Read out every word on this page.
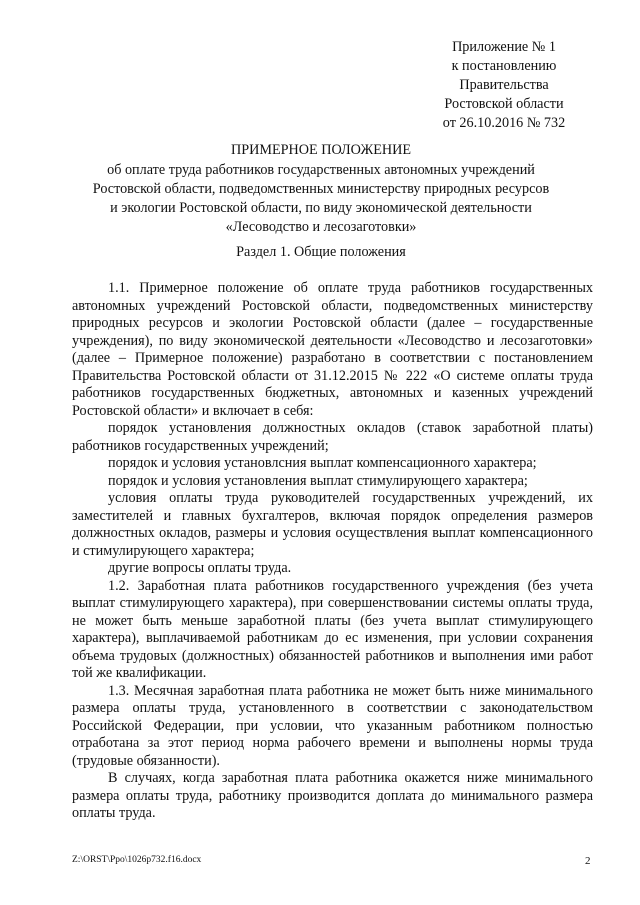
Приложение № 1
к постановлению
Правительства
Ростовской области
от 26.10.2016 № 732
ПРИМЕРНОЕ ПОЛОЖЕНИЕ
об оплате труда работников государственных автономных учреждений
Ростовской области, подведомственных министерству природных ресурсов
и экологии Ростовской области, по виду экономической деятельности
«Лесоводство и лесозаготовки»
Раздел 1. Общие положения

1.1. Примерное положение об оплате труда работников государственных автономных учреждений Ростовской области, подведомственных министерству природных ресурсов и экологии Ростовской области (далее – государственные учреждения), по виду экономической деятельности «Лесоводство и лесозаготовки» (далее – Примерное положение) разработано в соответствии с постановлением Правительства Ростовской области от 31.12.2015 № 222 «О системе оплаты труда работников государственных бюджетных, автономных и казенных учреждений Ростовской области» и включает в себя:

порядок установления должностных окладов (ставок заработной платы) работников государственных учреждений;

порядок и условия установлсния выплат компенсационного характера;

порядок и условия установления выплат стимулирующего характера;

условия оплаты труда руководителей государственных учреждений, их заместителей и главных бухгалтеров, включая порядок определения размеров должностных окладов, размеры и условия осуществления выплат компенсационного и стимулирующего характера;

другие вопросы оплаты труда.

1.2. Заработная плата работников государственного учреждения (без учета выплат стимулирующего характера), при совершенствовании системы оплаты труда, не может быть меньше заработной платы (без учета выплат стимулирующего характера), выплачиваемой работникам до ес изменения, при условии сохранения объема трудовых (должностных) обязанностей работников и выполнения ими работ той же квалификации.

1.3. Месячная заработная плата работника не может быть ниже минимального размера оплаты труда, установленного в соответствии с законодательством Российской Федерации, при условии, что указанным работником полностью отработана за этот период норма рабочего времени и выполнены нормы труда (трудовые обязанности).

В случаях, когда заработная плата работника окажется ниже минимального размера оплаты труда, работнику производится доплата до минимального размера оплаты труда.

Z:\ORST\Ppo\1026p732.f16.docx	2
